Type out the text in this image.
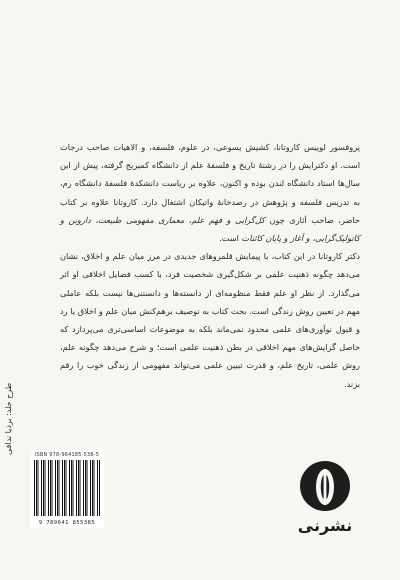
پروفسور لوییس کاروتانا، کشیش یسوعی، در علوم، فلسفه، و الاهیات صاحب درجات است. او دکترایش را در رشتهٔ تاریخ و فلسفهٔ علم از دانشگاه کمبریج گرفته، پیش از این سال‌ها استاد دانشگاه لندن بوده و اکنون، علاوه بر ریاست دانشکدهٔ فلسفهٔ دانشگاه رم، به تدریس فلسفه و پژوهش در رصدخانهٔ واتیکان اشتغال دارد. کاروتانا علاوه بر کتاب حاضر، صاحب آثاری چون کل‌گرایی و فهم علم، معماری مفهومی طبیعت، داروین و کاتولیک‌گرایی، و آغاز و پایان کائنات است.

دکتر کاروتانا در این کتاب، با پیمایش قلمروهای جدیدی در مرز میان علم و اخلاق، نشان می‌دهد چگونه ذهنیت علمی بر شکل‌گیری شخصیت فرد، یا کسب فضایل اخلاقی او اثر می‌گذارد. از نظر او علم فقط منظومه‌ای از دانسته‌ها و دانستنی‌ها نیست بلکه عاملی مهم در تعیین روش زندگی است. بحث کتاب به توصیف برهم‌کنش میان علم و اخلاق یا رد و قبول نوآوری‌های علمی محدود نمی‌ماند بلکه به موضوعات اساسی‌تری می‌پردازد که حاصل گرایش‌های مهم اخلاقی در بطن ذهنیت علمی است؛ و شرح می‌دهد چگونه علم، روش علمی، تاریخ علم، و قدرت تبیین علمی می‌تواند مفهومی از زندگی خوب را رقم بزند.

طرح جلد: بردیا ندافی	ISBN 978-964185-538-5
9 789641 855385	نشرنی
